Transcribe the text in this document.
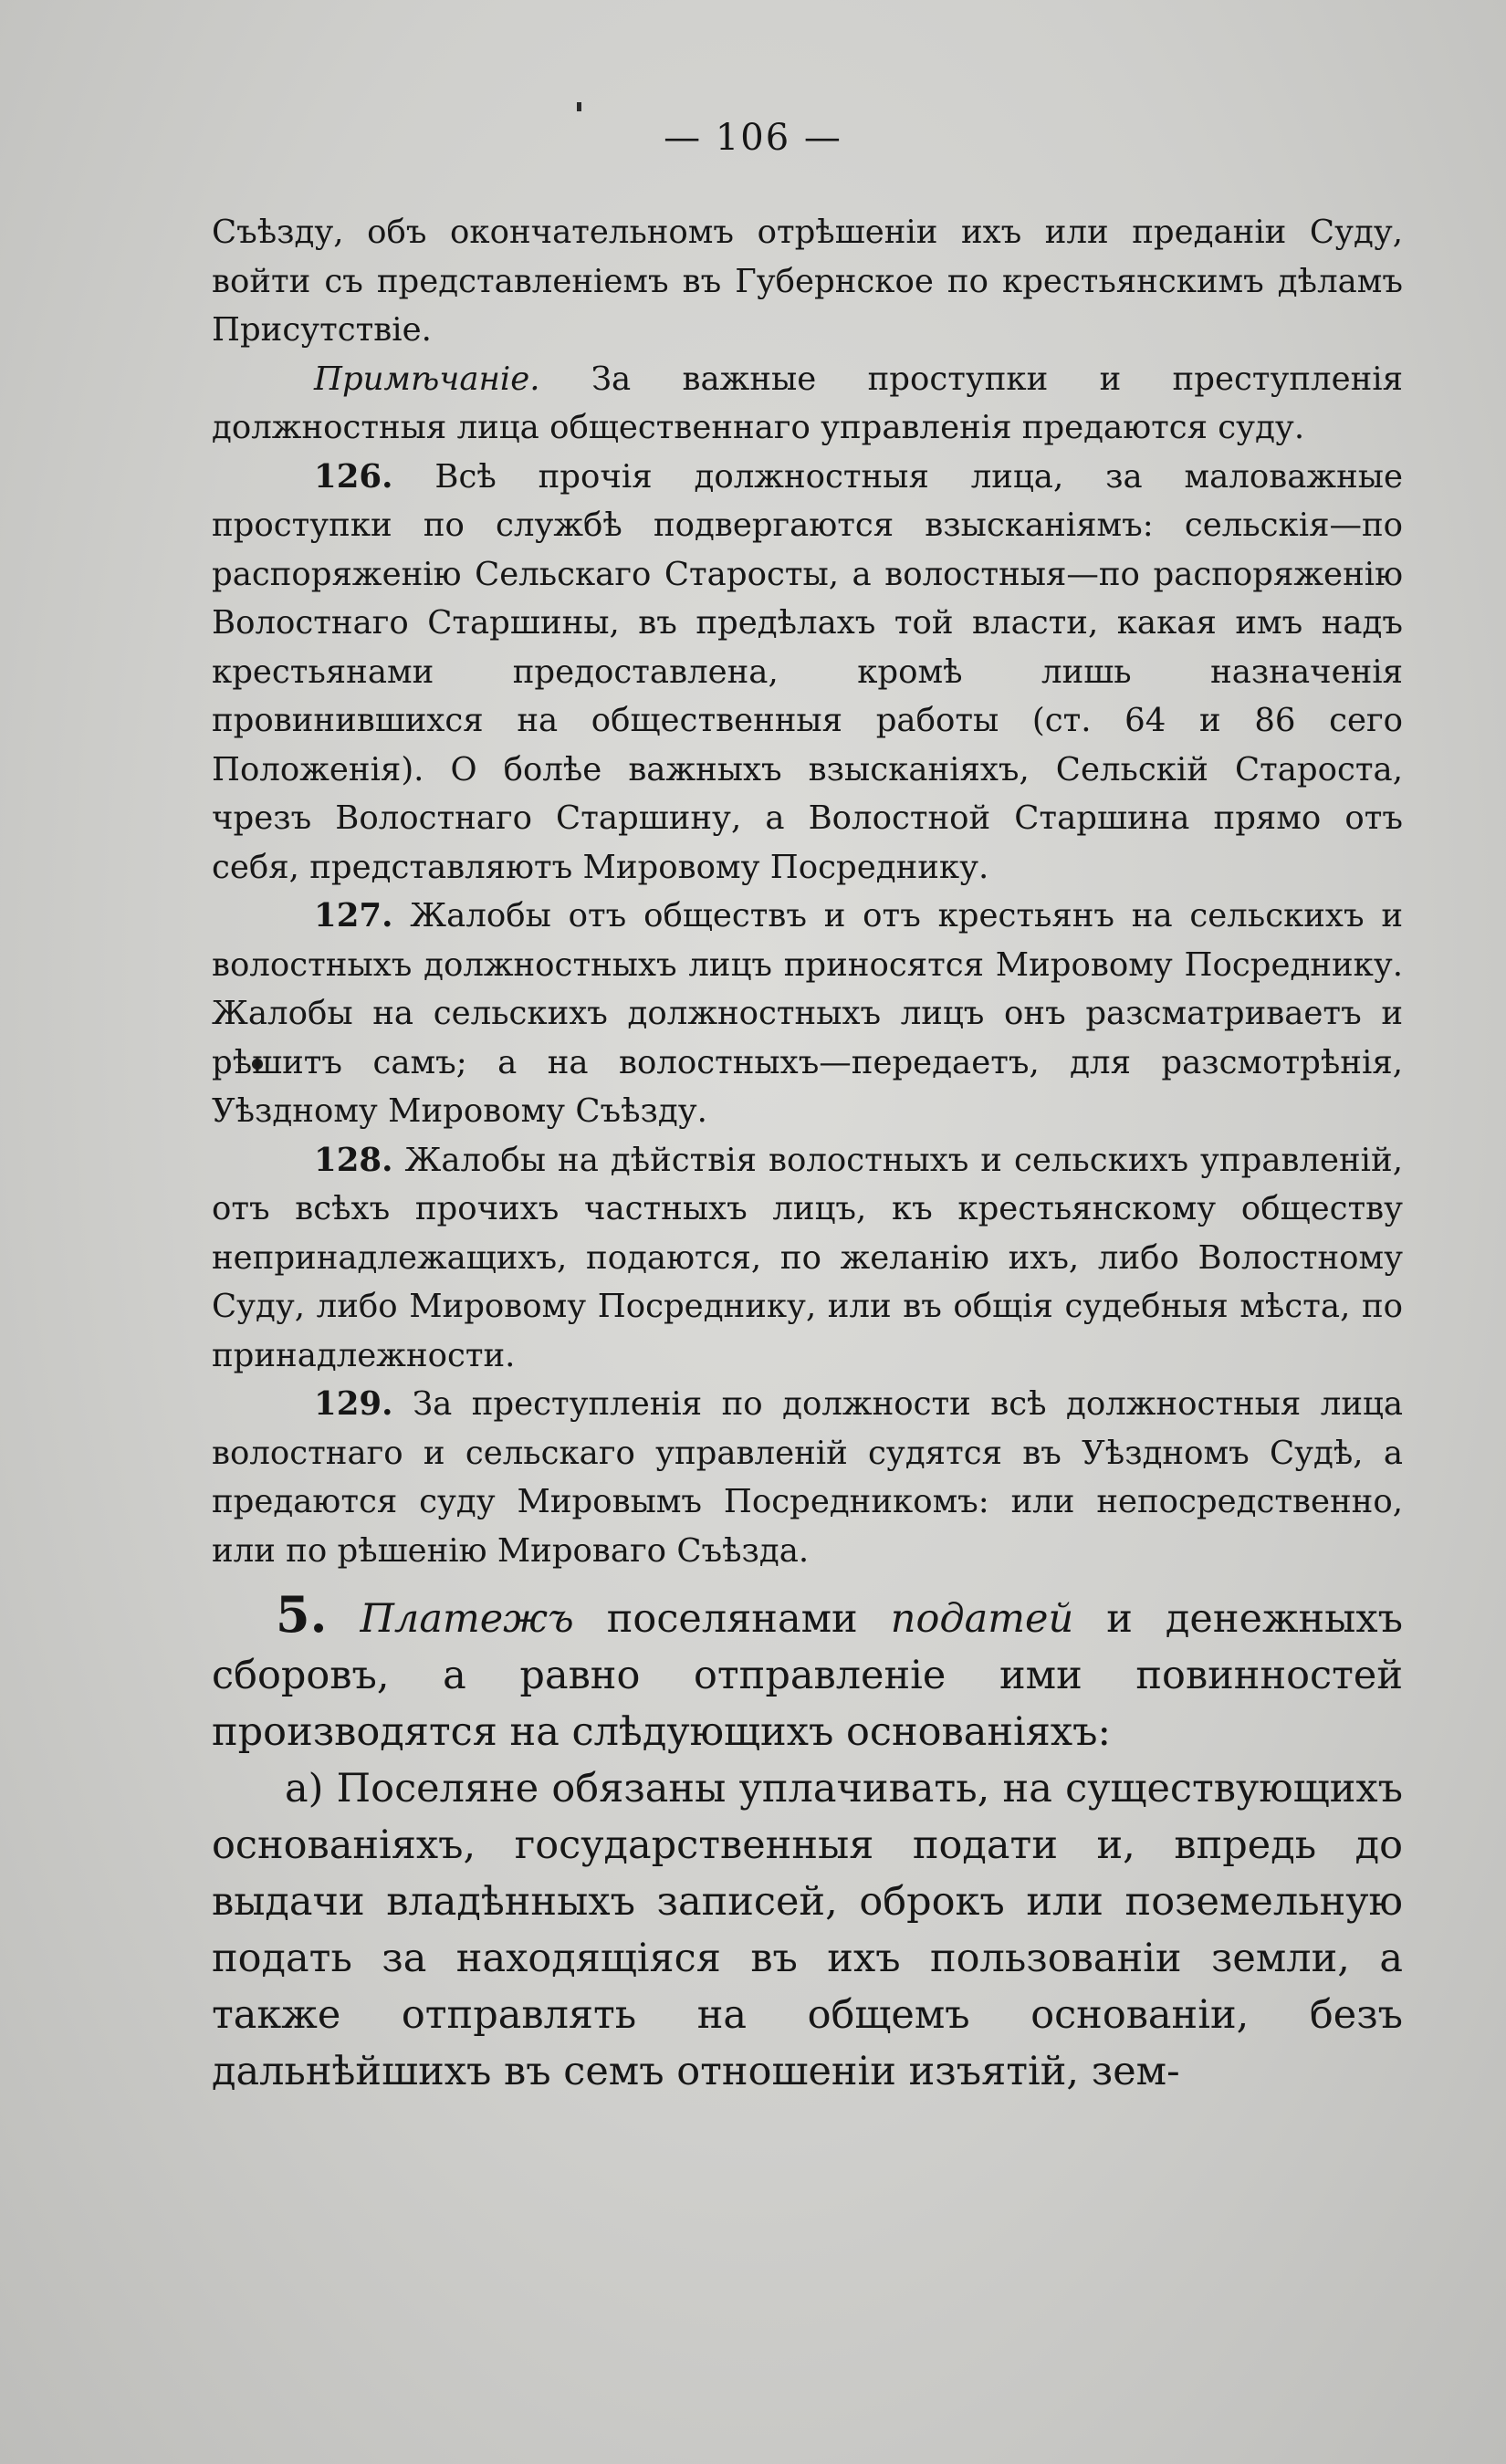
— 106 —

Съѣзду, объ окончательномъ отрѣшеніи ихъ или преданіи Суду, войти съ представленіемъ въ Губернское по крестьянскимъ дѣламъ Присутствіе.

Примѣчаніе. За важные проступки и преступленія должностныя лица общественнаго управленія предаются суду.

126. Всѣ прочія должностныя лица, за маловажные проступки по службѣ подвергаются взысканіямъ: сельскія—по распоряженію Сельскаго Старосты, а волостныя—по распоряженію Волостнаго Старшины, въ предѣлахъ той власти, какая имъ надъ крестьянами предоставлена, кромѣ лишь назначенія провинившихся на общественныя работы (ст. 64 и 86 сего Положенія). О болѣе важныхъ взысканіяхъ, Сельскій Староста, чрезъ Волостнаго Старшину, а Волостной Старшина прямо отъ себя, представляютъ Мировому Посреднику.

127. Жалобы отъ обществъ и отъ крестьянъ на сельскихъ и волостныхъ должностныхъ лицъ приносятся Мировому Посреднику. Жалобы на сельскихъ должностныхъ лицъ онъ разсматриваетъ и рѣшитъ самъ; а на волостныхъ—передаетъ, для разсмотрѣнія, Уѣздному Мировому Съѣзду.

128. Жалобы на дѣйствія волостныхъ и сельскихъ управленій, отъ всѣхъ прочихъ частныхъ лицъ, къ крестьянскому обществу непринадлежащихъ, подаются, по желанію ихъ, либо Волостному Суду, либо Мировому Посреднику, или въ общія судебныя мѣста, по принадлежности.

129. За преступленія по должности всѣ должностныя лица волостнаго и сельскаго управленій судятся въ Уѣздномъ Судѣ, а предаются суду Мировымъ Посредникомъ: или непосредственно, или по рѣшенію Мироваго Съѣзда.

5. Платежъ поселянами податей и денежныхъ сборовъ, а равно отправленіе ими повинностей производятся на слѣдующихъ основаніяхъ:

а) Поселяне обязаны уплачивать, на существующихъ основаніяхъ, государственныя подати и, впредь до выдачи владѣнныхъ записей, оброкъ или поземельную подать за находящіяся въ ихъ пользованіи земли, а также отправлять на общемъ основаніи, безъ дальнѣйшихъ въ семъ отношеніи изъятій, зем-
